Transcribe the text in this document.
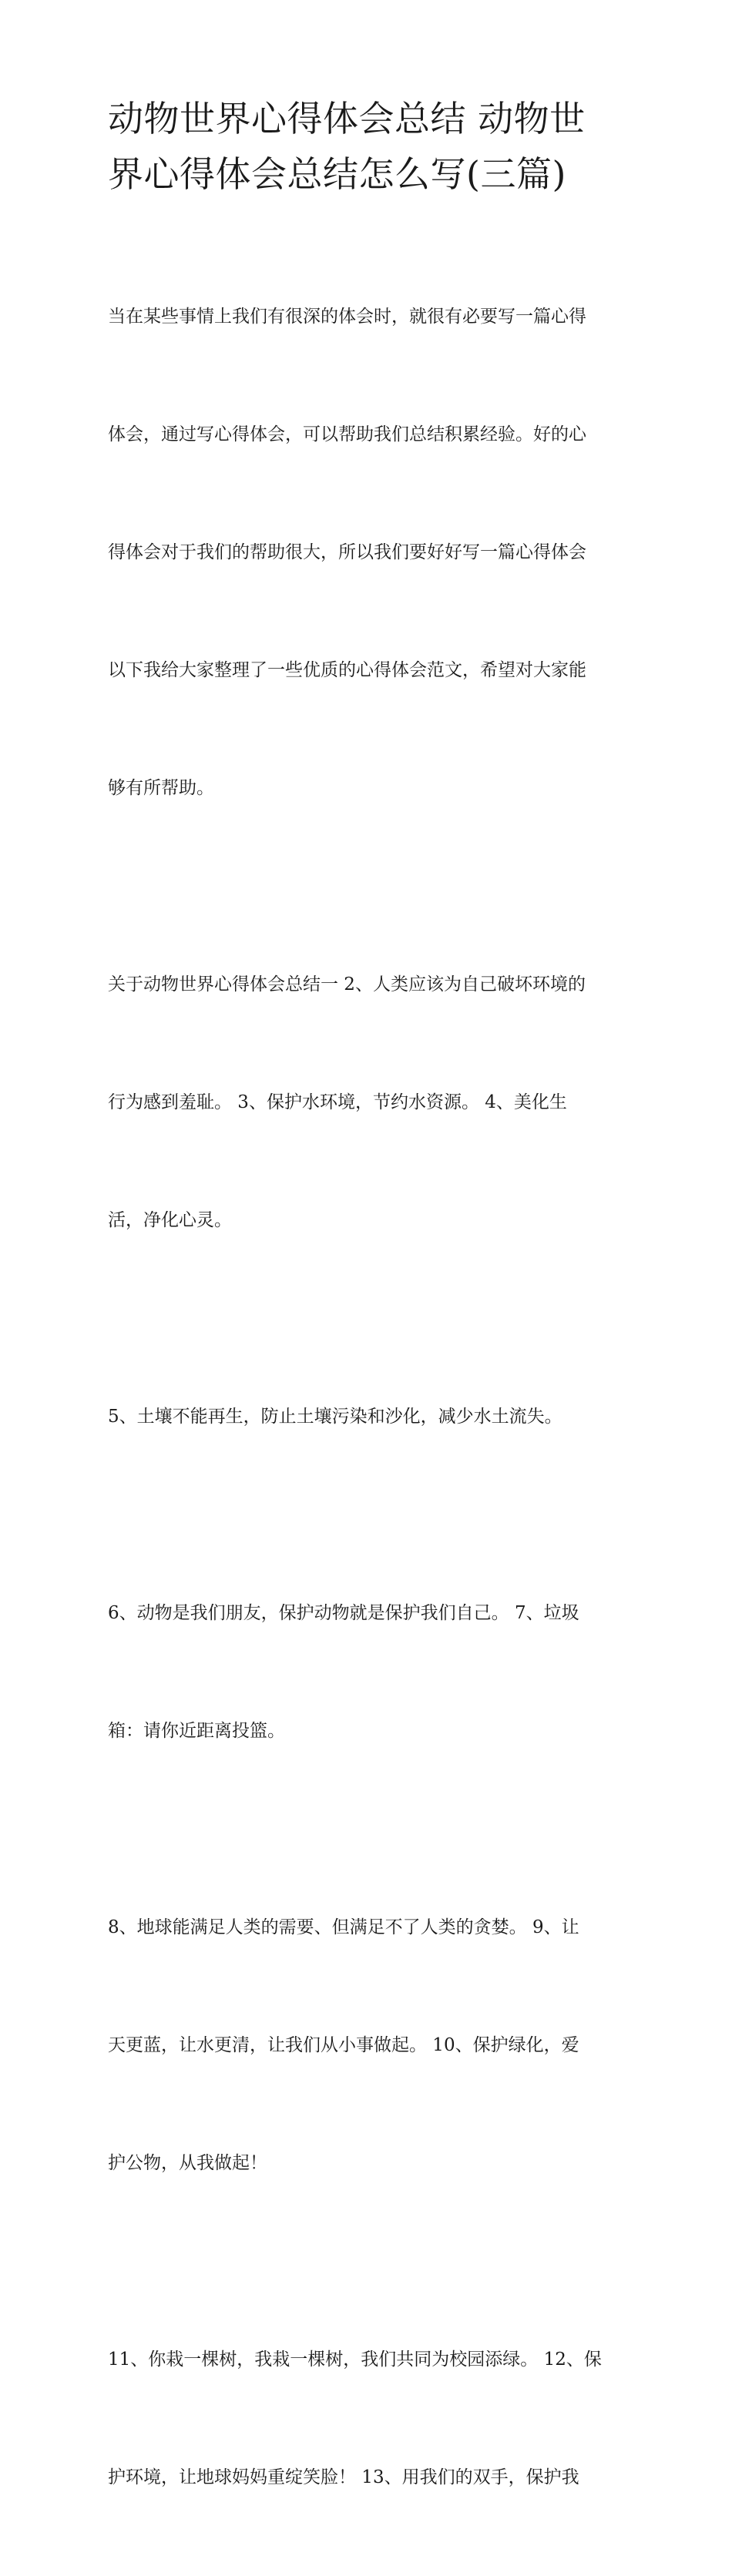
动物世界心得体会总结 动物世
界心得体会总结怎么写(三篇)

当在某些事情上我们有很深的体会时，就很有必要写一篇心得

体会，通过写心得体会，可以帮助我们总结积累经验。好的心

得体会对于我们的帮助很大，所以我们要好好写一篇心得体会

以下我给大家整理了一些优质的心得体会范文，希望对大家能

够有所帮助。

关于动物世界心得体会总结一 2、人类应该为自己破坏环境的

行为感到羞耻。 3、保护水环境，节约水资源。 4、美化生

活，净化心灵。

5、土壤不能再生，防止土壤污染和沙化，减少水土流失。

6、动物是我们朋友，保护动物就是保护我们自己。 7、垃圾

箱：请你近距离投篮。

8、地球能满足人类的需要、但满足不了人类的贪婪。 9、让

天更蓝，让水更清，让我们从小事做起。 10、保护绿化，爱

护公物，从我做起！

11、你栽一棵树，我栽一棵树，我们共同为校园添绿。 12、保

护环境，让地球妈妈重绽笑脸！ 13、用我们的双手，保护我
